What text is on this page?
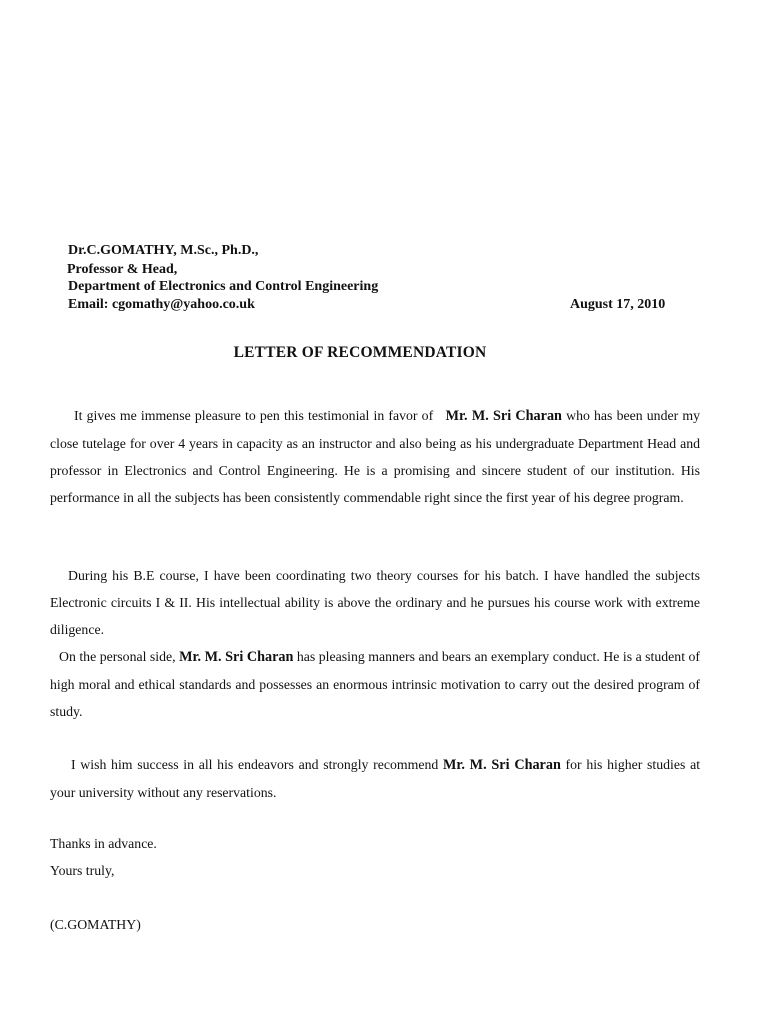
Dr.C.GOMATHY, M.Sc., Ph.D.,
Professor & Head,
Department of Electronics and Control Engineering
Email: cgomathy@yahoo.co.uk	August 17, 2010
LETTER OF RECOMMENDATION
It gives me immense pleasure to pen this testimonial in favor of Mr. M. Sri Charan who has been under my close tutelage for over 4 years in capacity as an instructor and also being as his undergraduate Department Head and professor in Electronics and Control Engineering. He is a promising and sincere student of our institution. His performance in all the subjects has been consistently commendable right since the first year of his degree program.
During his B.E course, I have been coordinating two theory courses for his batch. I have handled the subjects Electronic circuits I & II. His intellectual ability is above the ordinary and he pursues his course work with extreme diligence.
On the personal side, Mr. M. Sri Charan has pleasing manners and bears an exemplary conduct. He is a student of high moral and ethical standards and possesses an enormous intrinsic motivation to carry out the desired program of study.
I wish him success in all his endeavors and strongly recommend Mr. M. Sri Charan for his higher studies at your university without any reservations.
Thanks in advance.
Yours truly,
(C.GOMATHY)
